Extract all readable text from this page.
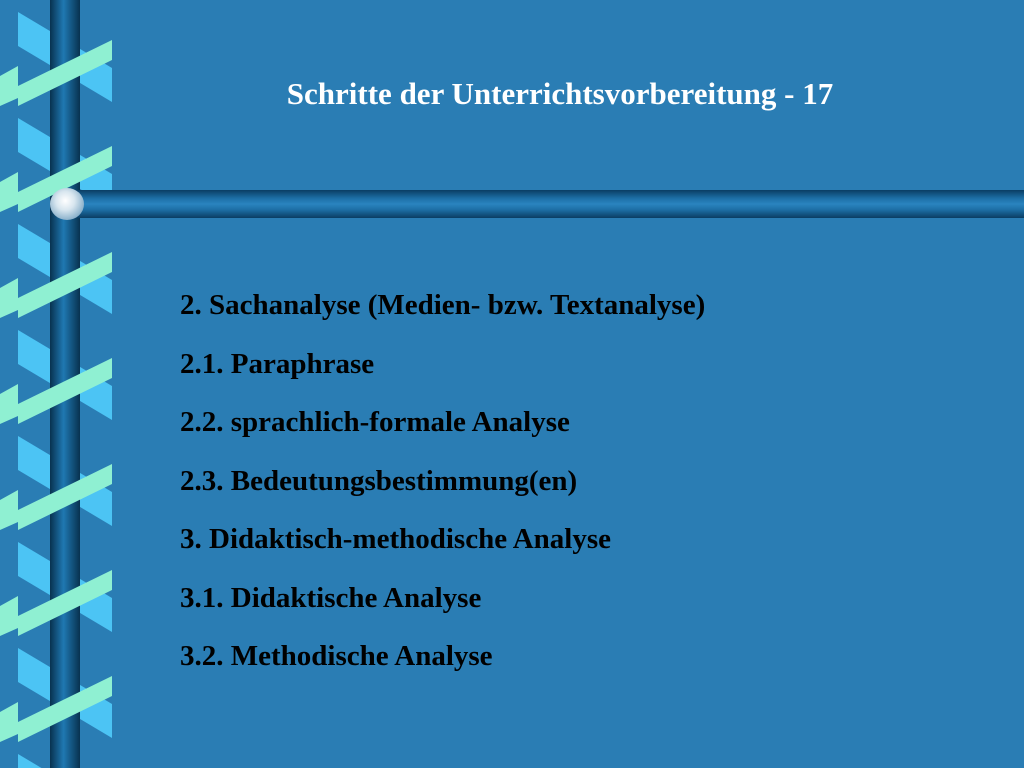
Schritte der Unterrichtsvorbereitung - 17
2. Sachanalyse (Medien- bzw. Textanalyse)
2.1. Paraphrase
2.2. sprachlich-formale Analyse
2.3. Bedeutungsbestimmung(en)
3. Didaktisch-methodische Analyse
3.1. Didaktische Analyse
3.2. Methodische Analyse
